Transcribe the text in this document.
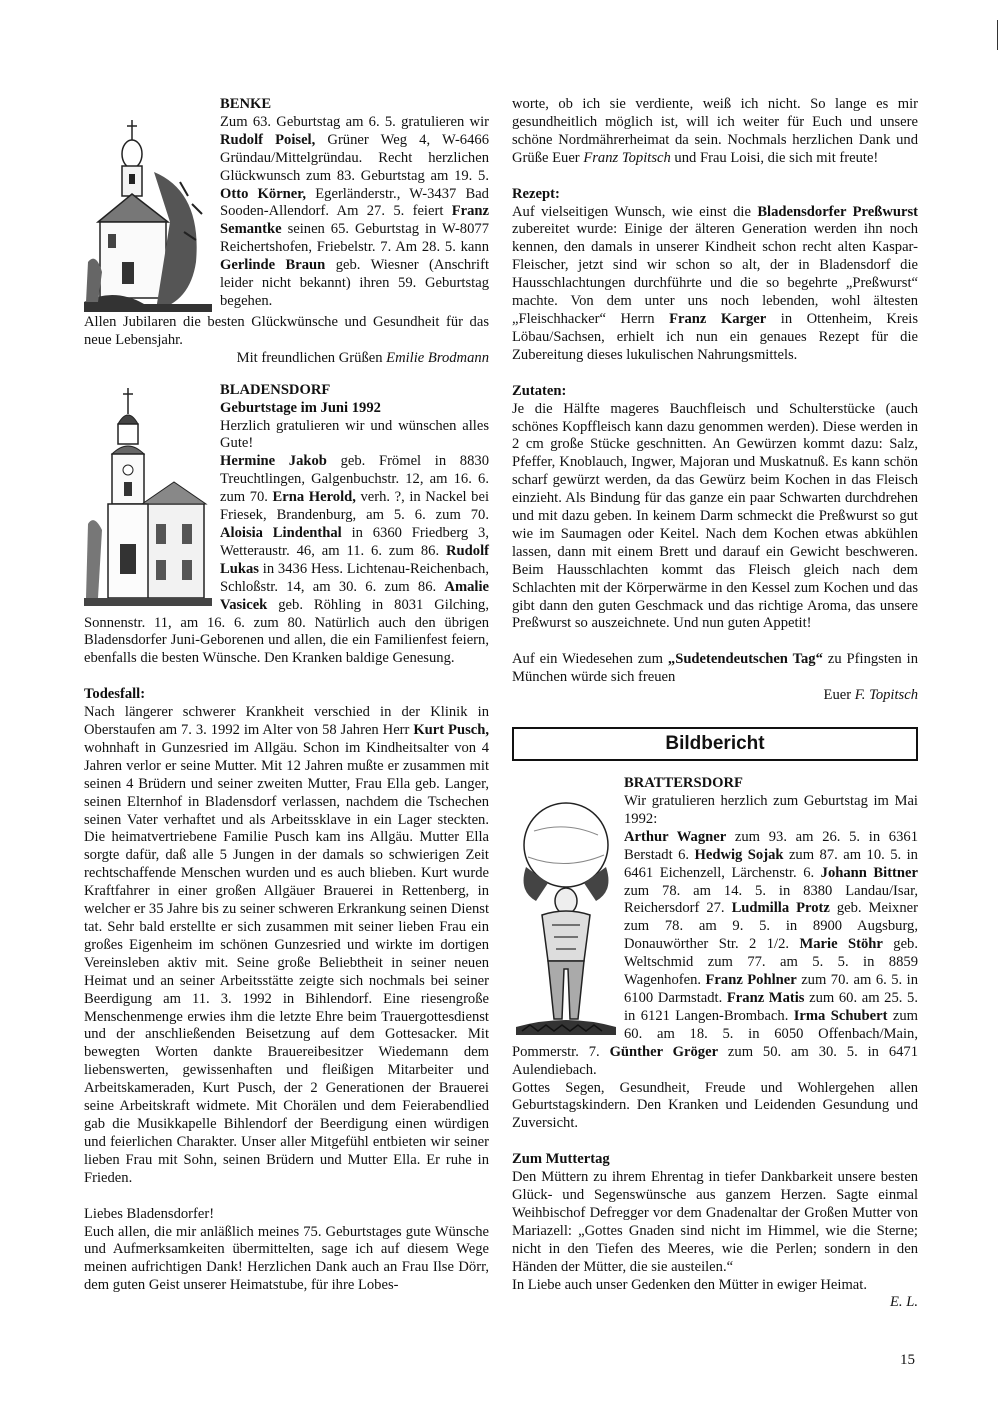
BENKE

Zum 63. Geburtstag am 6. 5. gratulieren wir Rudolf Poisel, Grüner Weg 4, W-6466 Gründau/Mittelgründau. Recht herzlichen Glückwunsch zum 83. Geburtstag am 19. 5. Otto Körner, Egerländerstr., W-3437 Bad Sooden-Allendorf. Am 27. 5. feiert Franz Semantke seinen 65. Geburtstag in W-8077 Reichertshofen, Friebelstr. 7. Am 28. 5. kann Gerlinde Braun geb. Wiesner (Anschrift leider nicht bekannt) ihren 59. Geburtstag begehen.

Allen Jubilaren die besten Glückwünsche und Gesundheit für das neue Lebensjahr.

Mit freundlichen Grüßen Emilie Brodmann

BLADENSDORF

Geburtstage im Juni 1992

Herzlich gratulieren wir und wünschen alles Gute!
Hermine Jakob geb. Frömel in 8830 Treuchtlingen, Galgenbuchstr. 12, am 16. 6. zum 70. Erna Herold, verh. ?, in Nackel bei Friesek, Brandenburg, am 5. 6. zum 70. Aloisia Lindenthal in 6360 Friedberg 3, Wetteraustr. 46, am 11. 6. zum 86. Rudolf Lukas in 3436 Hess. Lichtenau-Reichenbach, Schloßstr. 14, am 30. 6. zum 86. Amalie Vasicek geb. Röhling in 8031 Gilching, Sonnenstr. 11, am 16. 6. zum 80. Natürlich auch den übrigen Bladensdorfer Juni-Geborenen und allen, die ein Familienfest feiern, ebenfalls die besten Wünsche. Den Kranken baldige Genesung.

Todesfall:

Nach längerer schwerer Krankheit verschied in der Klinik in Oberstaufen am 7. 3. 1992 im Alter von 58 Jahren Herr Kurt Pusch, wohnhaft in Gunzesried im Allgäu. Schon im Kindheitsalter von 4 Jahren verlor er seine Mutter. Mit 12 Jahren mußte er zusammen mit seinen 4 Brüdern und seiner zweiten Mutter, Frau Ella geb. Langer, seinen Elternhof in Bladensdorf verlassen, nachdem die Tschechen seinen Vater verhaftet und als Arbeitssklave in ein Lager steckten. Die heimatvertriebene Familie Pusch kam ins Allgäu. Mutter Ella sorgte dafür, daß alle 5 Jungen in der damals so schwierigen Zeit rechtschaffende Menschen wurden und es auch blieben. Kurt wurde Kraftfahrer in einer großen Allgäuer Brauerei in Rettenberg, in welcher er 35 Jahre bis zu seiner schweren Erkrankung seinen Dienst tat. Sehr bald erstellte er sich zusammen mit seiner lieben Frau ein großes Eigenheim im schönen Gunzesried und wirkte im dortigen Vereinsleben aktiv mit. Seine große Beliebtheit in seiner neuen Heimat und an seiner Arbeitsstätte zeigte sich nochmals bei seiner Beerdigung am 11. 3. 1992 in Bihlendorf. Eine riesengroße Menschenmenge erwies ihm die letzte Ehre beim Trauergottesdienst und der anschließenden Beisetzung auf dem Gottesacker. Mit bewegten Worten dankte Brauereibesitzer Wiedemann dem liebenswerten, gewissenhaften und fleißigen Mitarbeiter und Arbeitskameraden, Kurt Pusch, der 2 Generationen der Brauerei seine Arbeitskraft widmete. Mit Chorälen und dem Feierabendlied gab die Musikkapelle Bihlendorf der Beerdigung einen würdigen und feierlichen Charakter. Unser aller Mitgefühl entbieten wir seiner lieben Frau mit Sohn, seinen Brüdern und Mutter Ella. Er ruhe in Frieden.

Liebes Bladensdorfer!

Euch allen, die mir anläßlich meines 75. Geburtstages gute Wünsche und Aufmerksamkeiten übermittelten, sage ich auf diesem Wege meinen aufrichtigen Dank! Herzlichen Dank auch an Frau Ilse Dörr, dem guten Geist unserer Heimatstube, für ihre Lobes-

worte, ob ich sie verdiente, weiß ich nicht. So lange es mir gesundheitlich möglich ist, will ich weiter für Euch und unsere schöne Nordmährerheimat da sein. Nochmals herzlichen Dank und Grüße Euer Franz Topitsch und Frau Loisi, die sich mit freute!

Rezept:

Auf vielseitigen Wunsch, wie einst die Bladensdorfer Preßwurst zubereitet wurde: Einige der älteren Generation werden ihn noch kennen, den damals in unserer Kindheit schon recht alten Kaspar-Fleischer, jetzt sind wir schon so alt, der in Bladensdorf die Hausschlachtungen durchführte und die so begehrte „Preßwurst“ machte. Von dem unter uns noch lebenden, wohl ältesten „Fleischhacker“ Herrn Franz Karger in Ottenheim, Kreis Löbau/Sachsen, erhielt ich nun ein genaues Rezept für die Zubereitung dieses lukulischen Nahrungsmittels.

Zutaten:

Je die Hälfte mageres Bauchfleisch und Schulterstücke (auch schönes Kopffleisch kann dazu genommen werden). Diese werden in 2 cm große Stücke geschnitten. An Gewürzen kommt dazu: Salz, Pfeffer, Knoblauch, Ingwer, Majoran und Muskatnuß. Es kann schön scharf gewürzt werden, da das Gewürz beim Kochen in das Fleisch einzieht. Als Bindung für das ganze ein paar Schwarten durchdrehen und mit dazu geben. In keinem Darm schmeckt die Preßwurst so gut wie im Saumagen oder Keitel. Nach dem Kochen etwas abkühlen lassen, dann mit einem Brett und darauf ein Gewicht beschweren. Beim Hausschlachten kommt das Fleisch gleich nach dem Schlachten mit der Körperwärme in den Kessel zum Kochen und das gibt dann den guten Geschmack und das richtige Aroma, das unsere Preßwurst so auszeichnete. Und nun guten Appetit!

Auf ein Wiedesehen zum „Sudetendeutschen Tag“ zu Pfingsten in München würde sich freuen

Euer F. Topitsch

Bildbericht

BRATTERSDORF

Wir gratulieren herzlich zum Geburtstag im Mai 1992:
Arthur Wagner zum 93. am 26. 5. in 6361 Berstadt 6. Hedwig Sojak zum 87. am 10. 5. in 6461 Eichenzell, Lärchenstr. 6. Johann Bittner zum 78. am 14. 5. in 8380 Landau/Isar, Reichersdorf 27. Ludmilla Protz geb. Meixner zum 78. am 9. 5. in 8900 Augsburg, Donauwörther Str. 2 1/2. Marie Stöhr geb. Weltschmid zum 77. am 5. 5. in 8859 Wagenhofen. Franz Pohlner zum 70. am 6. 5. in 6100 Darmstadt. Franz Matis zum 60. am 25. 5. in 6121 Langen-Brombach. Irma Schubert zum 60. am 18. 5. in 6050 Offenbach/Main, Pommerstr. 7. Günther Gröger zum 50. am 30. 5. in 6471 Aulendiebach.

Gottes Segen, Gesundheit, Freude und Wohlergehen allen Geburtstagskindern. Den Kranken und Leidenden Gesundung und Zuversicht.

Zum Muttertag

Den Müttern zu ihrem Ehrentag in tiefer Dankbarkeit unsere besten Glück- und Segenswünsche aus ganzem Herzen. Sagte einmal Weihbischof Defregger vor dem Gnadenaltar der Großen Mutter von Mariazell: „Gottes Gnaden sind nicht im Himmel, wie die Sterne; nicht in den Tiefen des Meeres, wie die Perlen; sondern in den Händen der Mütter, die sie austeilen.“

In Liebe auch unser Gedenken den Mütter in ewiger Heimat.

E. L.

15
